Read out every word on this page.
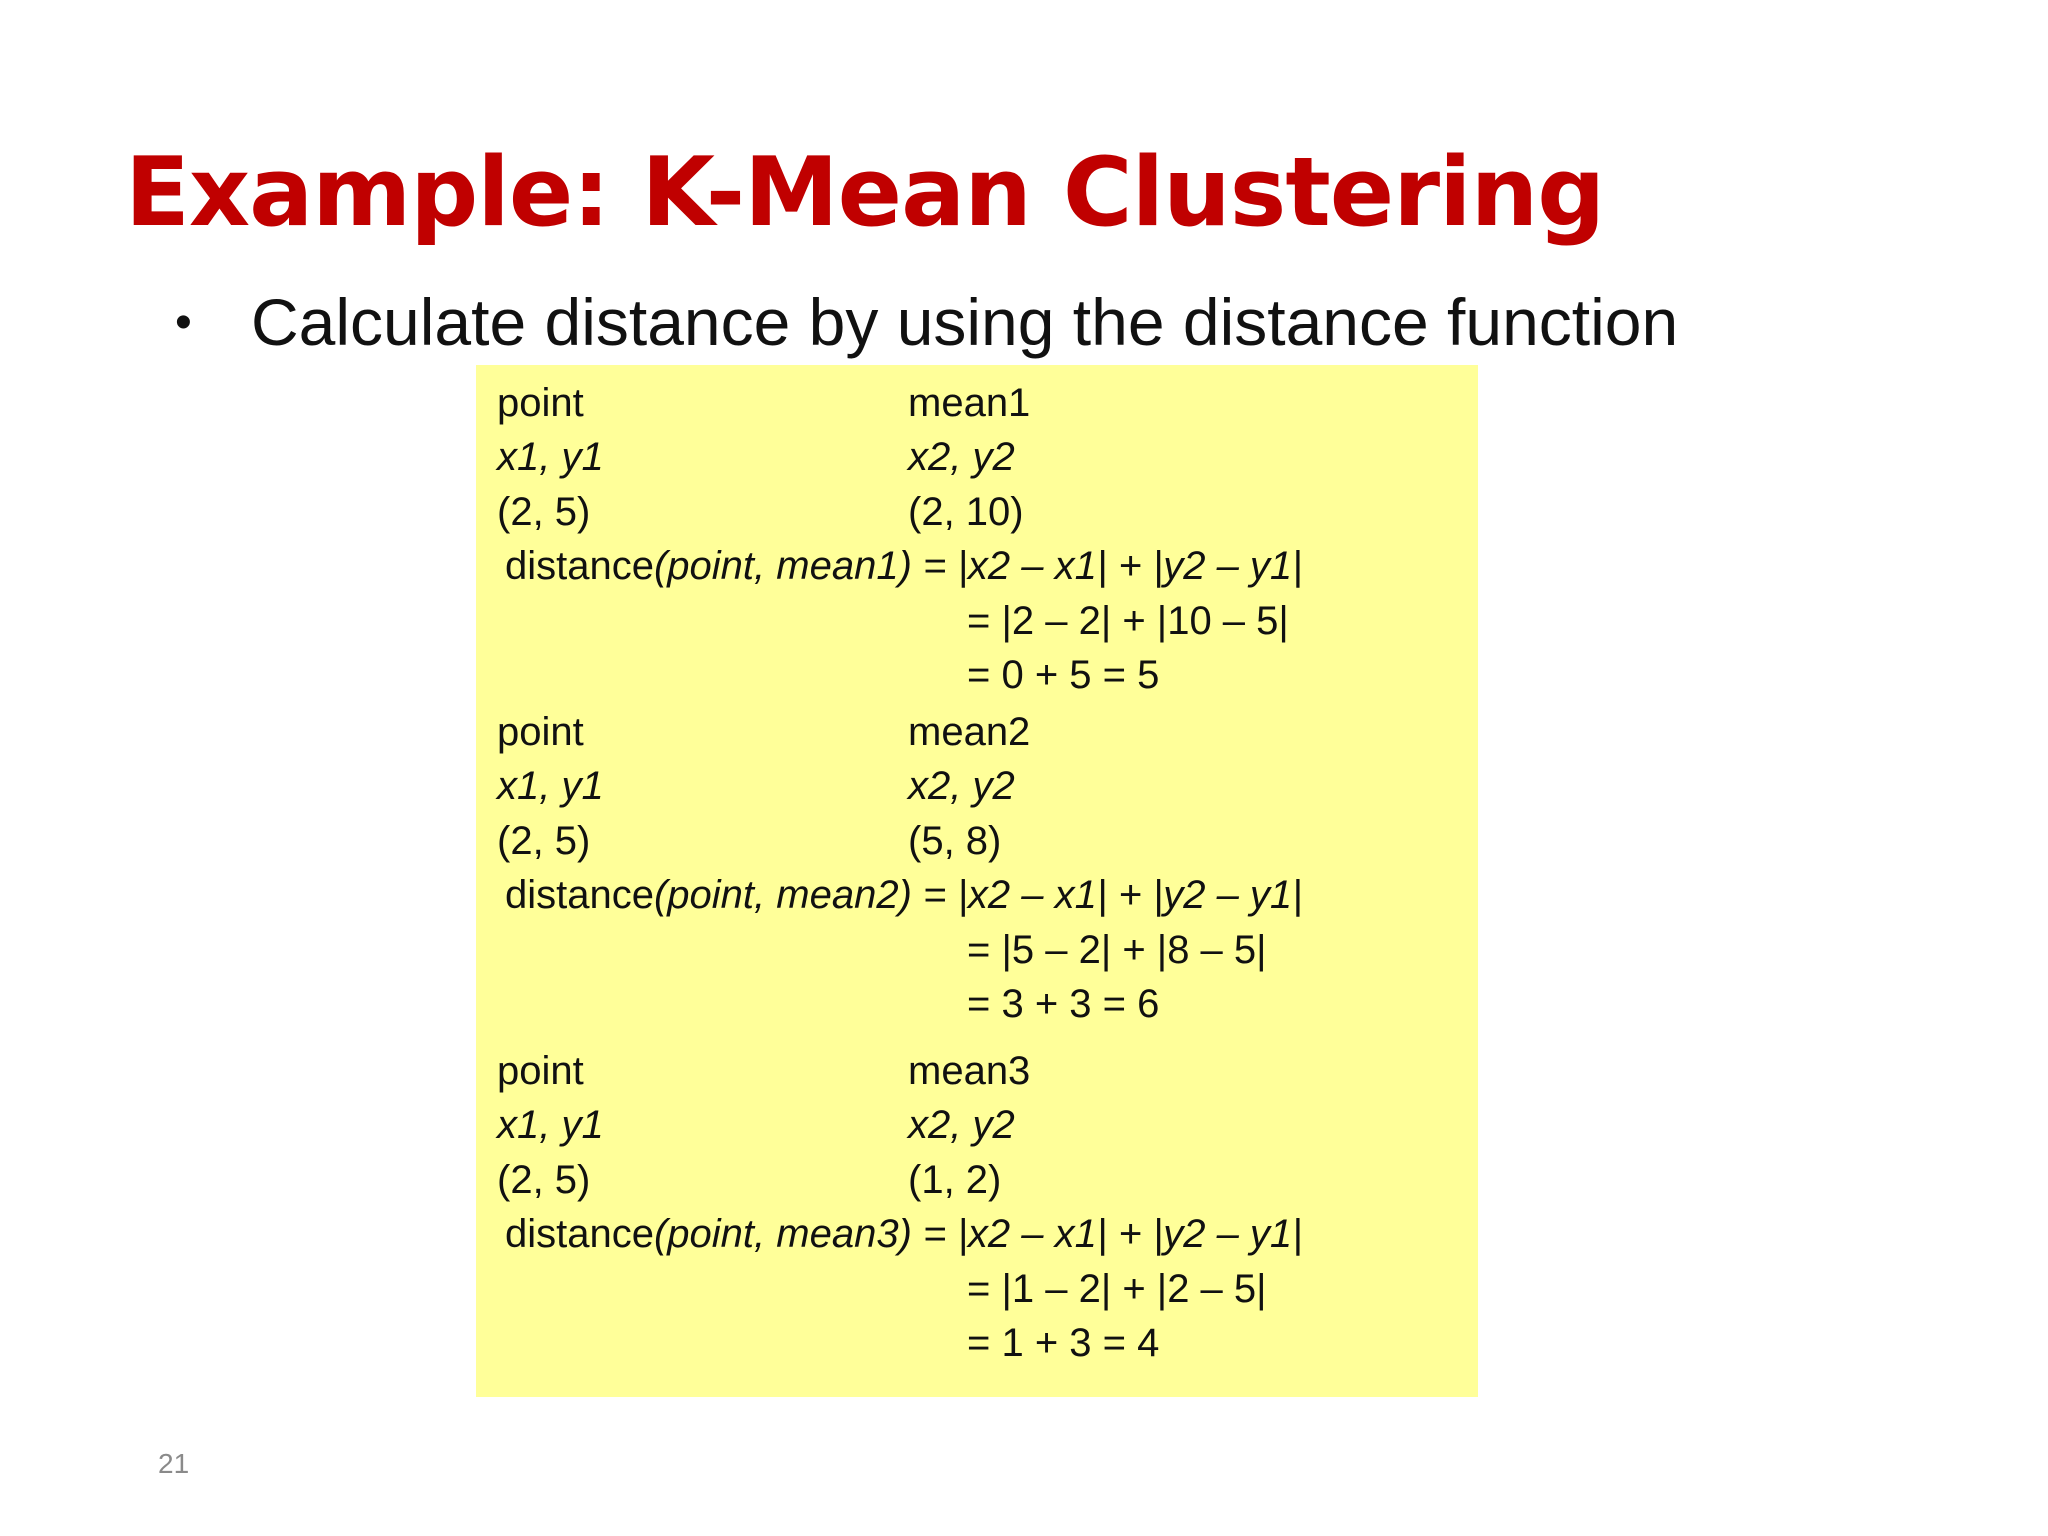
Example: K-Mean Clustering
• Calculate distance by using the distance function
point	mean1
x1, y1	x2, y2
(2, 5)	(2, 10)
distance(point, mean1) = |x2 – x1| + |y2 – y1|
= |2 – 2| + |10 – 5|
= 0 + 5 = 5
point	mean2
x1, y1	x2, y2
(2, 5)	(5, 8)
distance(point, mean2) = |x2 – x1| + |y2 – y1|
= |5 – 2| + |8 – 5|
= 3 + 3 = 6
point	mean3
x1, y1	x2, y2
(2, 5)	(1, 2)
distance(point, mean3) = |x2 – x1| + |y2 – y1|
= |1 – 2| + |2 – 5|
= 1 + 3 = 4
21
